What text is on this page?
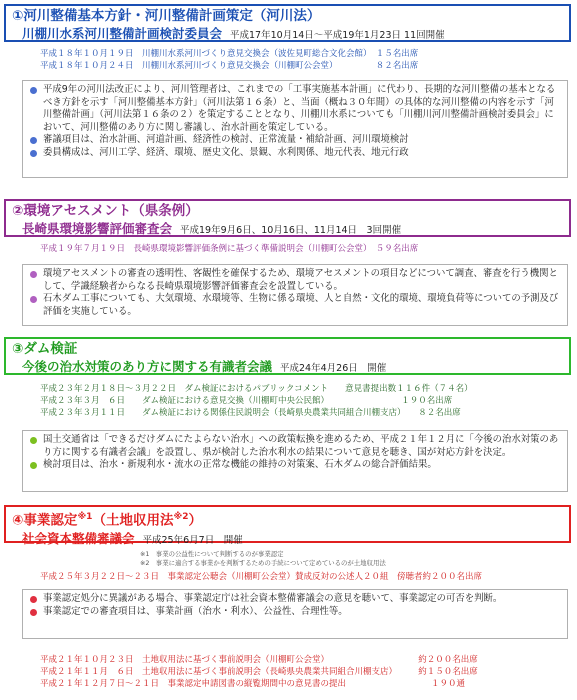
①河川整備基本方針・河川整備計画策定（河川法）
川棚川水系河川整備計画検討委員会 平成17年10月14日～平成19年1月23日 11回開催
平成１８年１０月１９日　川棚川水系河川づくり意見交換会（波佐見町総合文化会館）　１５名出席
平成１８年１０月２４日　川棚川水系河川づくり意見交換会（川棚町公会堂）　　　　　８２名出席
平成9年の河川法改正により、河川管理者は、これまでの「工事実施基本計画」に代わり、長期的な河川整備の基本となるべき方針を示す「河川整備基本方針」（河川法第１６条）と、当面（概ね３０年間）の具体的な河川整備の内容を示す「河川整備計画」（河川法第１６条の２）を策定することとなり、川棚川水系についても「川棚川河川整備計画検討委員会」において、河川整備のあり方に関し審議し、治水計画を策定している。
審議項目は、治水計画、河道計画、経済性の検討、正常流量・補給計画、河川環境検討
委員構成は、河川工学、経済、環境、歴史文化、景観、水利関係、地元代表、地元行政
②環境アセスメント（県条例）
長崎県環境影響評価審査会 平成19年9月6日、10月16日、11月14日　3回開催
平成１９年７月１９日　長崎県環境影響評価条例に基づく準備説明会（川棚町公会堂）　５９名出席
環境アセスメントの審査の透明性、客観性を確保するため、環境アセスメントの項目などについて調査、審査を行う機関として、学識経験者からなる長崎県環境影響評価審査会を設置している。
石木ダム工事についても、大気環境、水環境等、生物に係る環境、人と自然・文化的環境、環境負荷等についての予測及び評価を実施している。
③ダム検証
今後の治水対策のあり方に関する有識者会議 平成24年4月26日　開催
平成２３年２月１８日～３月２２日　ダム検証におけるパブリックコメント　　意見書提出数１１６件（７４名）
平成２３年３月　６日　　ダム検証における意見交換（川棚町中央公民館）　　　　　　　　　１９０名出席
平成２３年３月１１日　　ダム検証における関係住民説明会（長崎県央農業共同組合川棚支店）　　８２名出席
国土交通省は「できるだけダムにたよらない治水」への政策転換を進めるため、平成２１年１２月に「今後の治水対策のあり方に関する有識者会議」を設置し、県が検討した治水利水の結果について意見を聴き、国が対応方針を決定。
検討項目は、治水・新規利水・流水の正常な機能の維持の対策案、石木ダムの総合評価結果。
④事業認定$^{※1}$（土地収用法$^{※2}$）
社会資本整備審議会 平成25年6月7日　開催
※1　事業の公益性について判断するのが事業認定
※2　事業に適合する事業かを判断するための手続について定めているのが土地収用法
平成２５年３月２２日～２３日　事業認定公聴会（川棚町公会堂）賛成反対の公述人２０組　傍聴者約２００名出席
事業認定処分に異議がある場合、事業認定庁は社会資本整備審議会の意見を聴いて、事業認定の可否を判断。
事業認定での審査項目は、事業計画（治水・利水）、公益性、合理性等。
平成２１年１０月２３日　土地収用法に基づく事前説明会（川棚町公会堂）　　　　　　　　　　　約２００名出席
平成２１年１１月　６日　土地収用法に基づく事前説明会（長崎県央農業共同組合川棚支店）　　　約１５０名出席
平成２１年１２月７日～２１日　事業認定申請図書の縦覧期間中の意見書の提出　　　　　　　　　　１９０通
